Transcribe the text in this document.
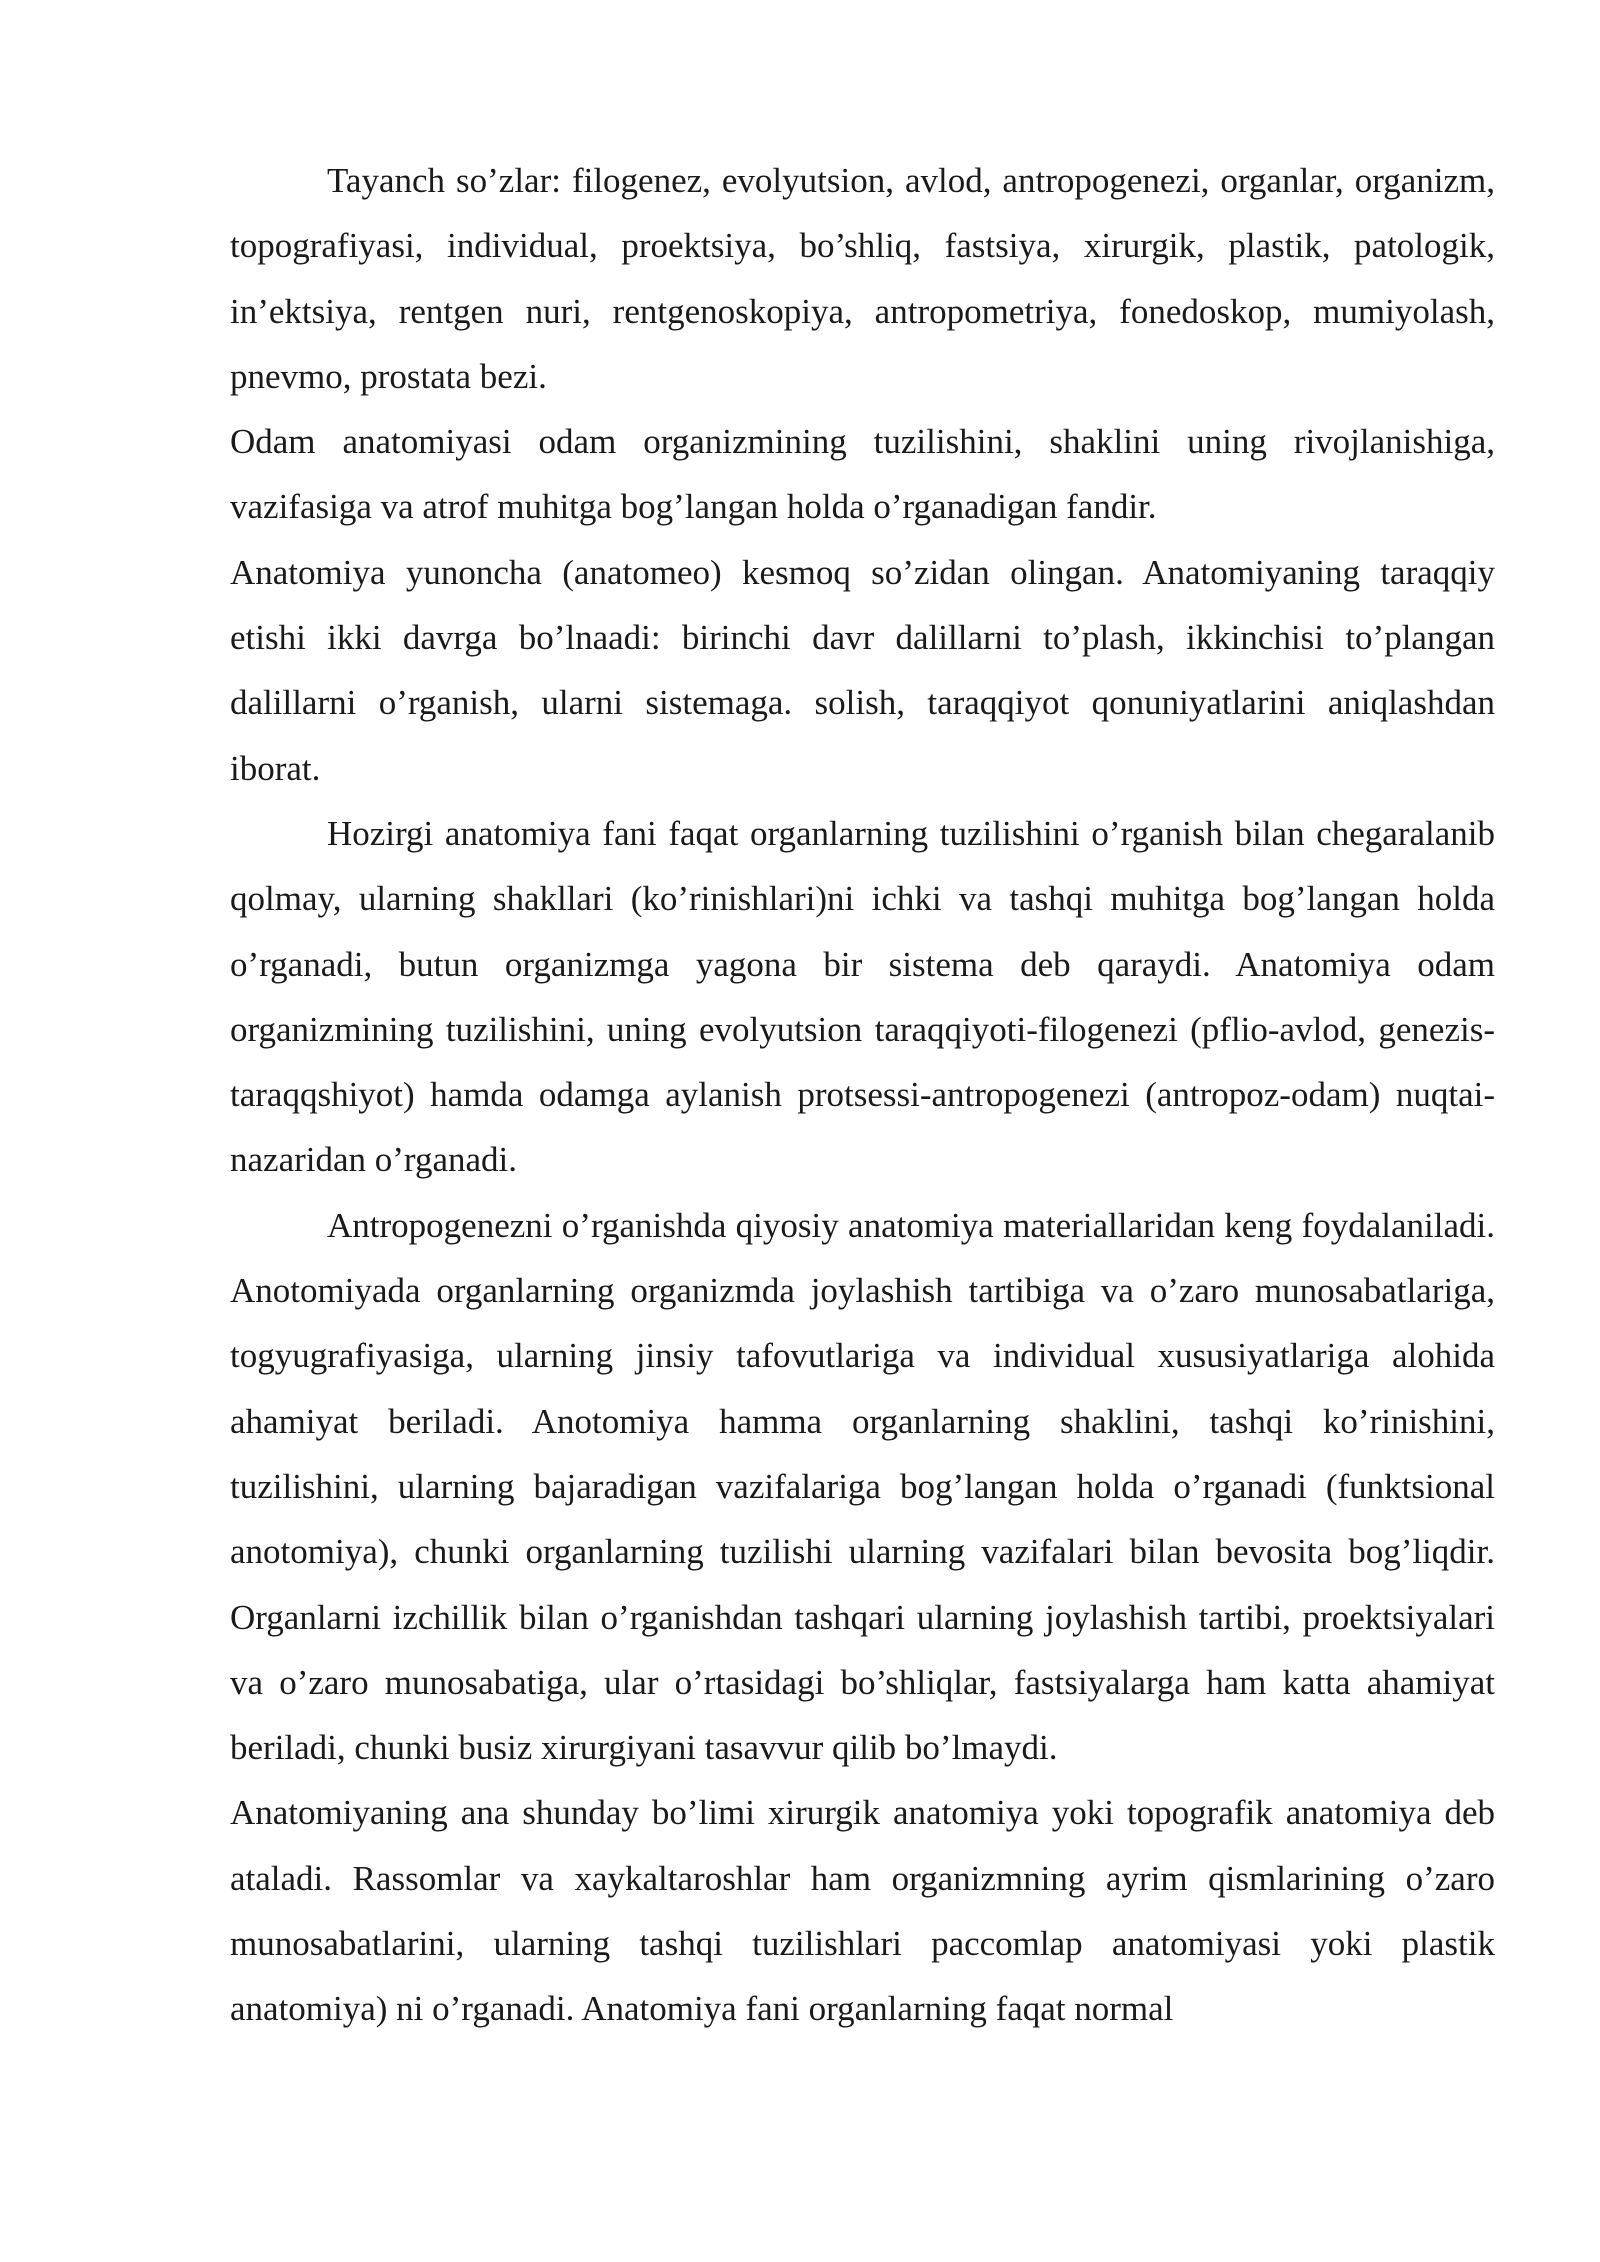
Tayanch so’zlar: filogenez, evolyutsion, avlod, antropogenezi, organlar, organizm, topografiyasi, individual, proektsiya, bo’shliq, fastsiya, xirurgik, plastik, patologik, in’ektsiya, rentgen nuri, rentgenoskopiya, antropometriya, fonedoskop, mumiyolash, pnevmo, prostata bezi.

Odam anatomiyasi odam organizmining tuzilishini, shaklini uning rivojlanishiga, vazifasiga va atrof muhitga bog’langan holda o’rganadigan fandir.

Anatomiya yunoncha (anatomeo) kesmoq so’zidan olingan. Anatomiyaning taraqqiy etishi ikki davrga bo’lnaadi: birinchi davr dalillarni to’plash, ikkinchisi to’plangan dalillarni o’rganish, ularni sistemaga. solish, taraqqiyot qonuniyatlarini aniqlashdan iborat.

Hozirgi anatomiya fani faqat organlarning tuzilishini o’rganish bilan chegaralanib qolmay, ularning shakllari (ko’rinishlari)ni ichki va tashqi muhitga bog’langan holda o’rganadi, butun organizmga yagona bir sistema deb qaraydi. Anatomiya odam organizmining tuzilishini, uning evolyutsion taraqqiyoti-filogenezi (pflio-avlod, genezis-taraqqshiyot) hamda odamga aylanish protsessi-antropogenezi (antropoz-odam) nuqtai-nazaridan o’rganadi.

Antropogenezni o’rganishda qiyosiy anatomiya materiallaridan keng foydalaniladi. Anotomiyada organlarning organizmda joylashish tartibiga va o’zaro munosabatlariga, togyugrafiyasiga, ularning jinsiy tafovutlariga va individual xususiyatlariga alohida ahamiyat beriladi. Anotomiya hamma organlarning shaklini, tashqi ko’rinishini, tuzilishini, ularning bajaradigan vazifalariga bog’langan holda o’rganadi (funktsional anotomiya), chunki organlarning tuzilishi ularning vazifalari bilan bevosita bog’liqdir. Organlarni izchillik bilan o’rganishdan tashqari ularning joylashish tartibi, proektsiyalari va o’zaro munosabatiga, ular o’rtasidagi bo’shliqlar, fastsiyalarga ham katta ahamiyat beriladi, chunki busiz xirurgiyani tasavvur qilib bo’lmaydi.

Anatomiyaning ana shunday bo’limi xirurgik anatomiya yoki topografik anatomiya deb ataladi. Rassomlar va xaykaltaroshlar ham organizmning ayrim qismlarining o’zaro munosabatlarini, ularning tashqi tuzilishlari paccomlap anatomiyasi yoki plastik anatomiya) ni o’rganadi. Anatomiya fani organlarning faqat normal
